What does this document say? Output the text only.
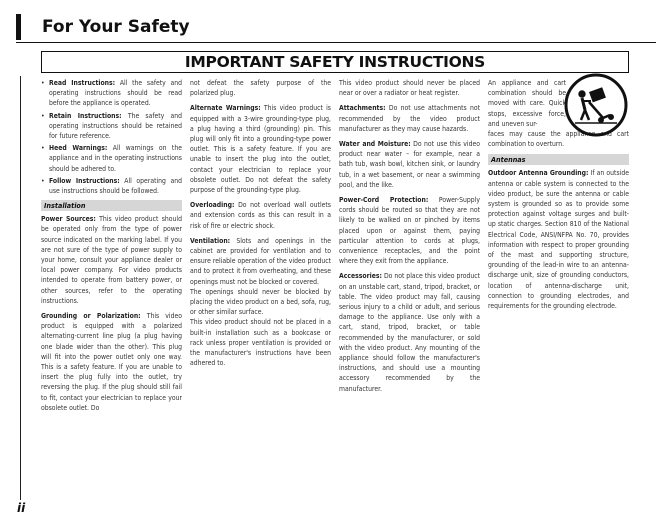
For Your Safety
IMPORTANT SAFETY INSTRUCTIONS
• Read Instructions: All the safety and operating instructions should be read before the appliance is operated.
• Retain Instructions: The safety and operating instructions should be retained for future reference.
• Heed Warnings: All warnings on the appliance and in the operating instructions should be adhered to.
• Follow Instructions: All operating and use instructions should be followed.
Installation

Power Sources: This video product should be operated only from the type of power source indicated on the marking label. If you are not sure of the type of power supply to your home, consult your appliance dealer or local power company. For video products intended to operate from battery power, or other sources, refer to the operating instructions.

Grounding or Polarization: This video product is equipped with a polarized alternating-current line plug (a plug having one blade wider than the other). This plug will fit into the power outlet only one way. This is a safety feature. If you are unable to insert the plug fully into the outlet, try reversing the plug. If the plug should still fail to fit, contact your electrician to replace your obsolete outlet. Do

not defeat the safety purpose of the polarized plug.

Alternate Warnings: This video product is equipped with a 3-wire grounding-type plug, a plug having a third (grounding) pin. This plug will only fit into a grounding-type power outlet. This is a safety feature. If you are unable to insert the plug into the outlet, contact your electrician to replace your obsolete outlet. Do not defeat the safety purpose of the grounding-type plug.

Overloading: Do not overload wall outlets and extension cords as this can result in a risk of fire or electric shock.

Ventilation: Slots and openings in the cabinet are provided for ventilation and to ensure reliable operation of the video product and to protect it from overheating, and these openings must not be blocked or covered.

The openings should never be blocked by placing the video product on a bed, sofa, rug, or other similar surface.

This video product should not be placed in a built-in installation such as a bookcase or rack unless proper ventilation is provided or the manufacturer's instructions have been adhered to.

This video product should never be placed near or over a radiator or heat register.

Attachments: Do not use attachments not recommended by the video product manufacturer as they may cause hazards.

Water and Moisture: Do not use this video product near water – for example, near a bath tub, wash bowl, kitchen sink, or laundry tub, in a wet basement, or near a swimming pool, and the like.

Power-Cord Protection: Power-Supply cords should be routed so that they are not likely to be walked on or pinched by items placed upon or against them, paying particular attention to cords at plugs, convenience receptacles, and the point where they exit from the appliance.

Accessories: Do not place this video product on an unstable cart, stand, tripod, bracket, or table. The video product may fall, causing serious injury to a child or adult, and serious damage to the appliance. Use only with a cart, stand, tripod, bracket, or table recommended by the manufacturer, or sold with the video product. Any mounting of the appliance should follow the manufacturer's instructions, and should use a mounting accessory recommended by the manufacturer.

An appliance and cart combination should be moved with care. Quick stops, excessive force, and uneven sur-

faces may cause the appliance and cart combination to overturn.

Antennas

Outdoor Antenna Grounding: If an outside antenna or cable system is connected to the video product, be sure the antenna or cable system is grounded so as to provide some protection against voltage surges and built-up static charges. Section 810 of the National Electrical Code, ANSI/NFPA No. 70, provides information with respect to proper grounding of the mast and supporting structure, grounding of the lead-in wire to an antenna-discharge unit, size of grounding conductors, location of antenna-discharge unit, connection to grounding electrodes, and requirements for the grounding electrode.

ii
